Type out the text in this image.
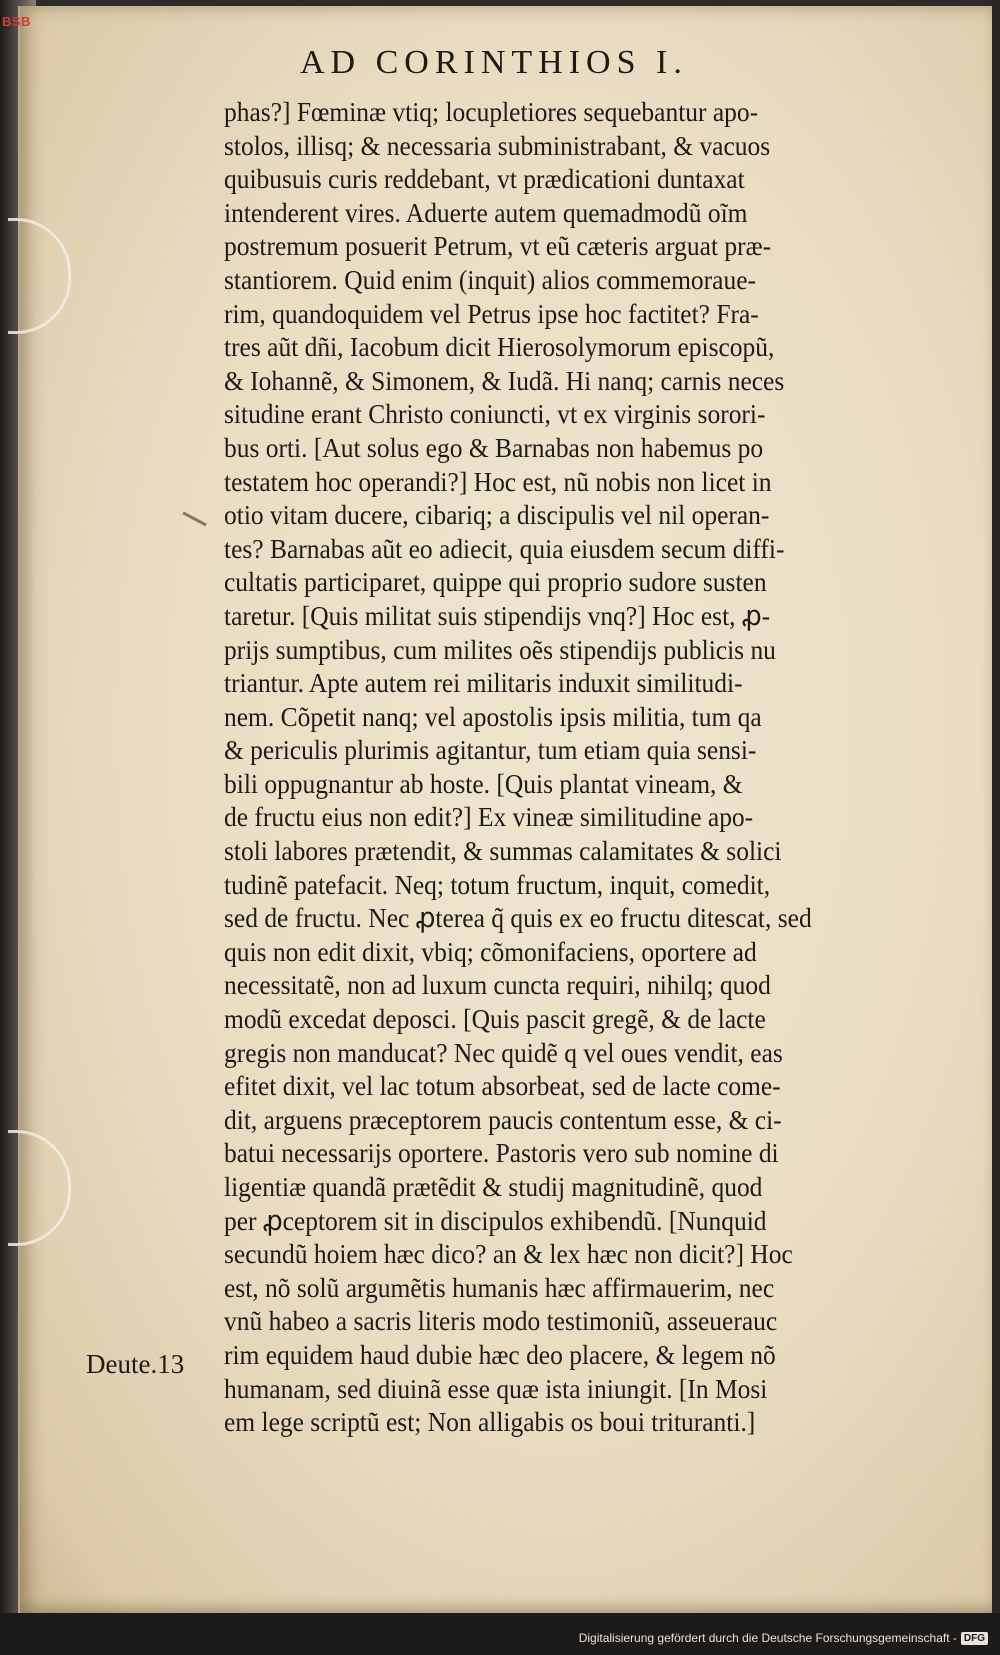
BSB
AD CORINTHIOS I.
phas?] Fœminæ vtiq; locupletiores sequebantur apo-
stolos, illisq; & necessaria subministrabant, & vacuos
quibusuis curis reddebant, vt prædicationi duntaxat
intenderent vires. Aduerte autem quemadmodũ oĩm
postremum posuerit Petrum, vt eũ cæteris arguat præ-
stantiorem. Quid enim (inquit) alios commemoraue-
rim, quandoquidem vel Petrus ipse hoc factitet? Fra-
tres aũt dñi, Iacobum dicit Hierosolymorum episcopũ,
& Iohannẽ, & Simonem, & Iudã. Hi nanq; carnis neces
situdine erant Christo coniuncti, vt ex virginis sorori-
bus orti. [Aut solus ego & Barnabas non habemus po
testatem hoc operandi?] Hoc est, nũ nobis non licet in
otio vitam ducere, cibariq; a discipulis vel nil operan-
tes? Barnabas aũt eo adiecit, quia eiusdem secum diffi-
cultatis participaret, quippe qui proprio sudore susten
taretur. [Quis militat suis stipendijs vnq?] Hoc est, ꝓ-
prijs sumptibus, cum milites oẽs stipendijs publicis nu
triantur. Apte autem rei militaris induxit similitudi-
nem. Cõpetit nanq; vel apostolis ipsis militia, tum qa
& periculis plurimis agitantur, tum etiam quia sensi-
bili oppugnantur ab hoste. [Quis plantat vineam, &
de fructu eius non edit?] Ex vineæ similitudine apo-
stoli labores prætendit, & summas calamitates & solici
tudinẽ patefacit. Neq; totum fructum, inquit, comedit,
sed de fructu. Nec ꝓterea q̃ quis ex eo fructu ditescat, sed
quis non edit dixit, vbiq; cõmonifaciens, oportere ad
necessitatẽ, non ad luxum cuncta requiri, nihilq; quod
modũ excedat deposci. [Quis pascit gregẽ, & de lacte
gregis non manducat? Nec quidẽ q vel oues vendit, eas
efitet dixit, vel lac totum absorbeat, sed de lacte come-
dit, arguens præceptorem paucis contentum esse, & ci-
batui necessarijs oportere. Pastoris vero sub nomine di
ligentiæ quandã prætẽdit & studij magnitudinẽ, quod
per ꝓceptorem sit in discipulos exhibendũ. [Nunquid
secundũ hoiem hæc dico? an & lex hæc non dicit?] Hoc
est, nõ solũ argumẽtis humanis hæc affirmauerim, nec
vnũ habeo a sacris literis modo testimoniũ, asseuerauc
rim equidem haud dubie hæc deo placere, & legem nõ
humanam, sed diuinã esse quæ ista iniungit. [In Mosi
em lege scriptũ est; Non alligabis os boui trituranti.]
Deute.13
Digitalisierung gefördert durch die Deutsche Forschungsgemeinschaft - DFG
